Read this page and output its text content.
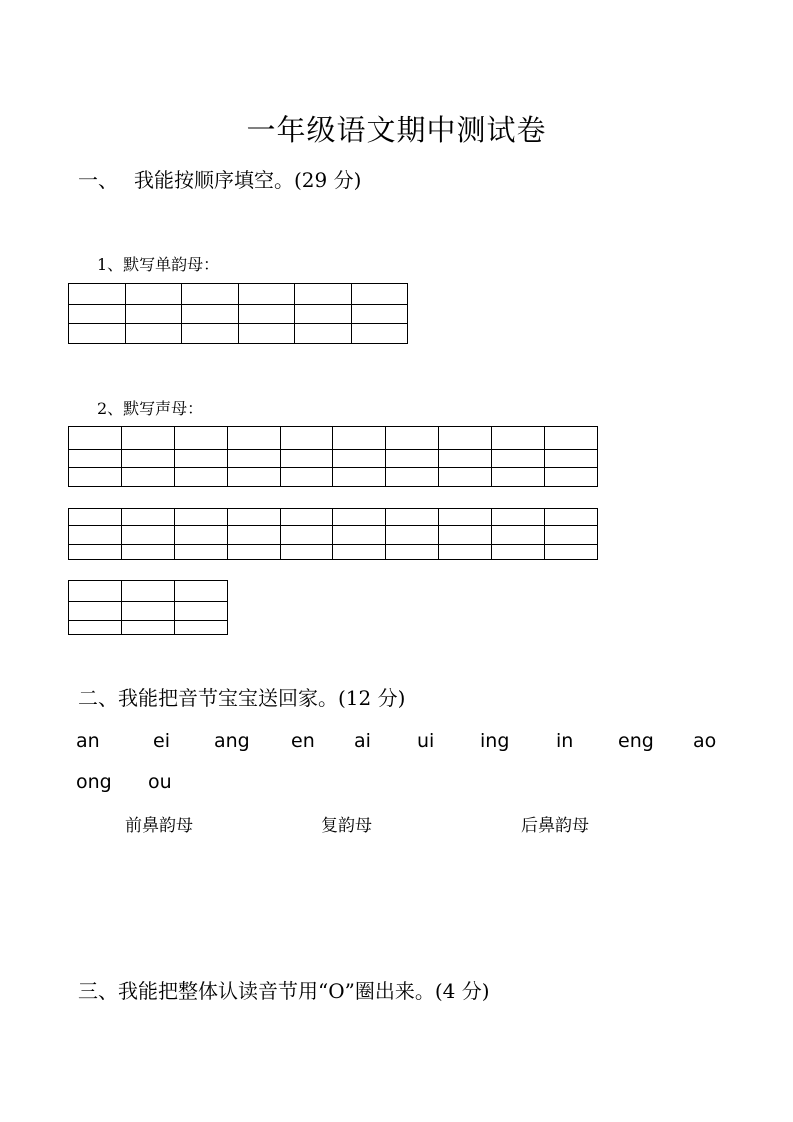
一年级语文期中测试卷
一、 我能按顺序填空。(29 分)
1、默写单韵母：

2、默写声母：

二、我能把音节宝宝送回家。(12 分)
an	ei ang en ai ui ing in eng ao
ong ou
前鼻韵母	复韵母	后鼻韵母
三、我能把整体认读音节用“O”圈出来。(4 分)
